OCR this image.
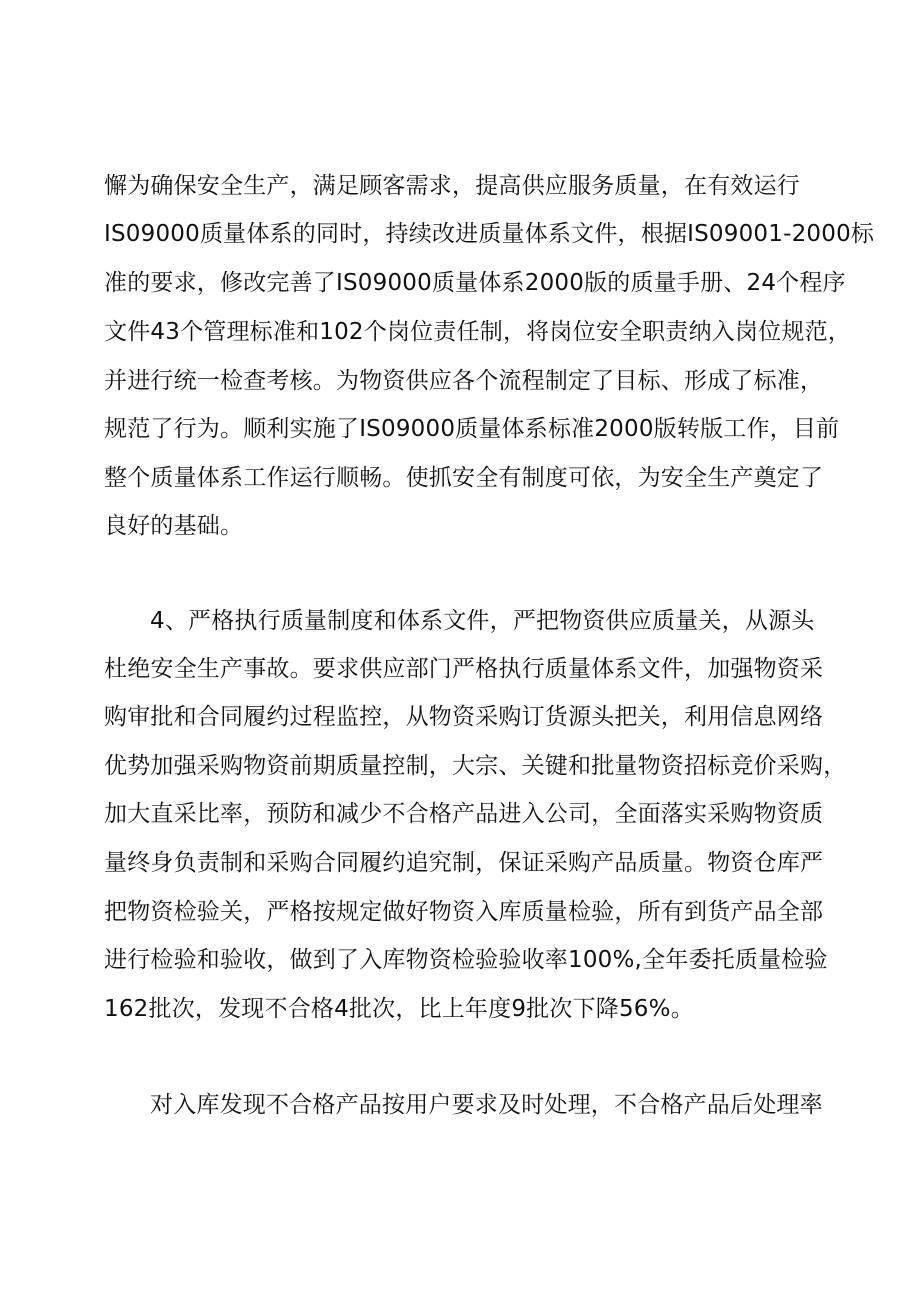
懈为确保安全生产，满足顾客需求，提高供应服务质量，在有效运行

IS09000质量体系的同时，持续改进质量体系文件，根据IS09001-2000标

准的要求，修改完善了IS09000质量体系2000版的质量手册、24个程序

文件43个管理标准和102个岗位责任制，将岗位安全职责纳入岗位规范，

并进行统一检查考核。为物资供应各个流程制定了目标、形成了标准，

规范了行为。顺利实施了IS09000质量体系标准2000版转版工作，目前

整个质量体系工作运行顺畅。使抓安全有制度可依，为安全生产奠定了

良好的基础。

4、严格执行质量制度和体系文件，严把物资供应质量关，从源头

杜绝安全生产事故。要求供应部门严格执行质量体系文件，加强物资采

购审批和合同履约过程监控，从物资采购订货源头把关，利用信息网络

优势加强采购物资前期质量控制，大宗、关键和批量物资招标竞价采购，

加大直采比率，预防和减少不合格产品进入公司，全面落实采购物资质

量终身负责制和采购合同履约追究制，保证采购产品质量。物资仓库严

把物资检验关，严格按规定做好物资入库质量检验，所有到货产品全部

进行检验和验收，做到了入库物资检验验收率100%,全年委托质量检验

162批次，发现不合格4批次，比上年度9批次下降56%。

对入库发现不合格产品按用户要求及时处理，不合格产品后处理率
